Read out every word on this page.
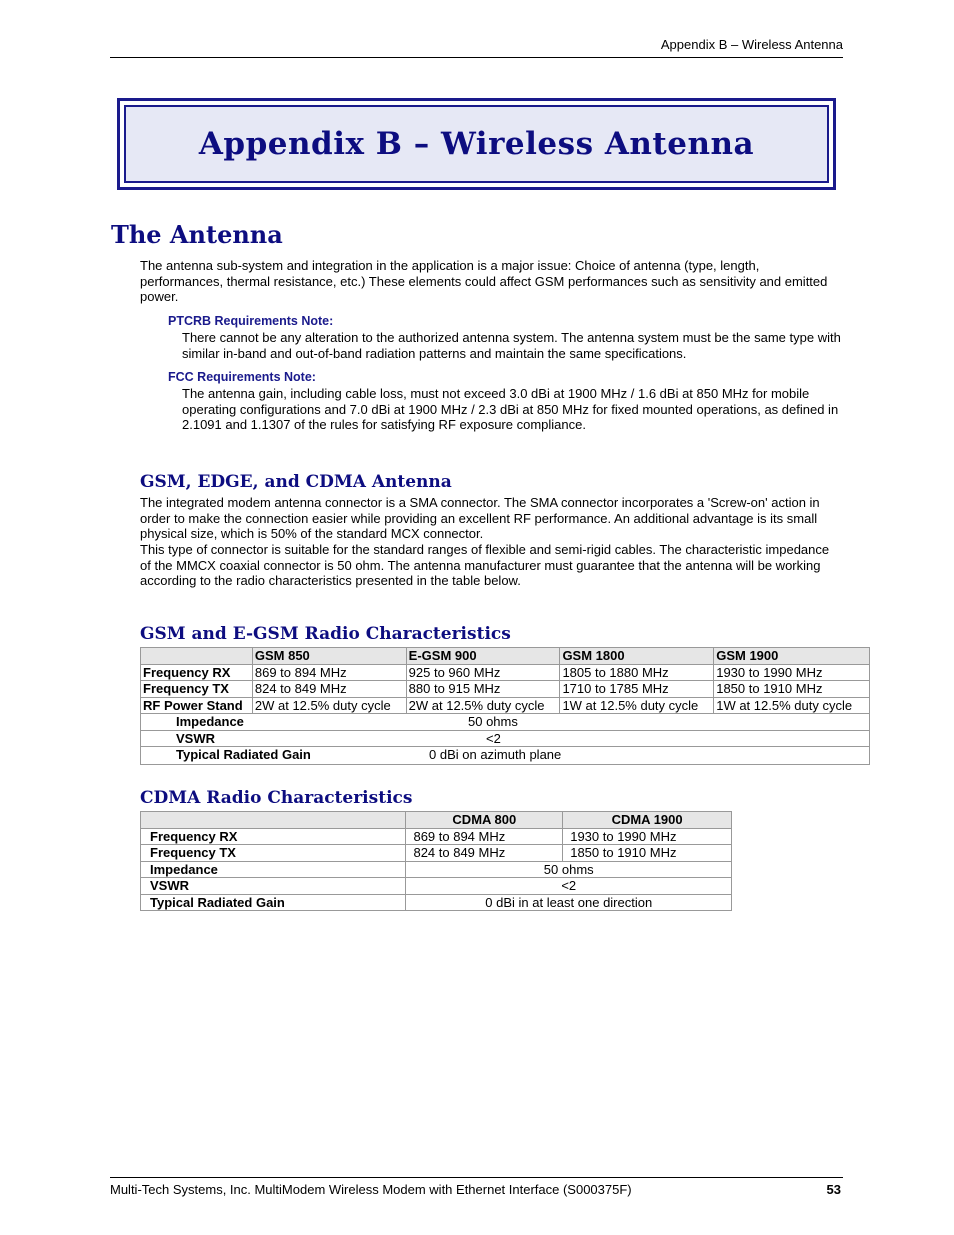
Appendix B – Wireless Antenna
Appendix B – Wireless Antenna
The Antenna
The antenna sub-system and integration in the application is a major issue: Choice of antenna (type, length, performances, thermal resistance, etc.) These elements could affect GSM performances such as sensitivity and emitted power.
PTCRB Requirements Note:
There cannot be any alteration to the authorized antenna system. The antenna system must be the same type with similar in-band and out-of-band radiation patterns and maintain the same specifications.
FCC Requirements Note:
The antenna gain, including cable loss, must not exceed 3.0 dBi at 1900 MHz / 1.6 dBi at 850 MHz for mobile operating configurations and 7.0 dBi at 1900 MHz / 2.3 dBi at 850 MHz for fixed mounted operations, as defined in 2.1091 and 1.1307 of the rules for satisfying RF exposure compliance.
GSM, EDGE, and CDMA Antenna
The integrated modem antenna connector is a SMA connector. The SMA connector incorporates a 'Screw-on' action in order to make the connection easier while providing an excellent RF performance. An additional advantage is its small physical size, which is 50% of the standard MCX connector.
This type of connector is suitable for the standard ranges of flexible and semi-rigid cables. The characteristic impedance of the MMCX coaxial connector is 50 ohm. The antenna manufacturer must guarantee that the antenna will be working according to the radio characteristics presented in the table below.
GSM and E-GSM Radio Characteristics
	GSM 850	E-GSM 900	GSM 1800	GSM 1900
Frequency RX	869 to 894 MHz	925 to 960 MHz	1805 to 1880 MHz	1930 to 1990 MHz
Frequency TX	824 to 849 MHz	880 to 915 MHz	1710 to 1785 MHz	1850 to 1910 MHz
RF Power Stand	2W at 12.5% duty cycle	2W at 12.5% duty cycle	1W at 12.5% duty cycle	1W at 12.5% duty cycle

Impedance 50 ohms				

VSWR <2				

Typical Radiated Gain 0 dBi on azimuth plane				
CDMA Radio Characteristics
	CDMA 800	CDMA 1900
Frequency RX	869 to 894 MHz	1930 to 1990 MHz
Frequency TX	824 to 849 MHz	1850 to 1910 MHz
Impedance	50 ohms	
VSWR	<2	
Typical Radiated Gain	0 dBi in at least one direction	
Multi-Tech Systems, Inc. MultiModem Wireless Modem with Ethernet Interface (S000375F)	53
